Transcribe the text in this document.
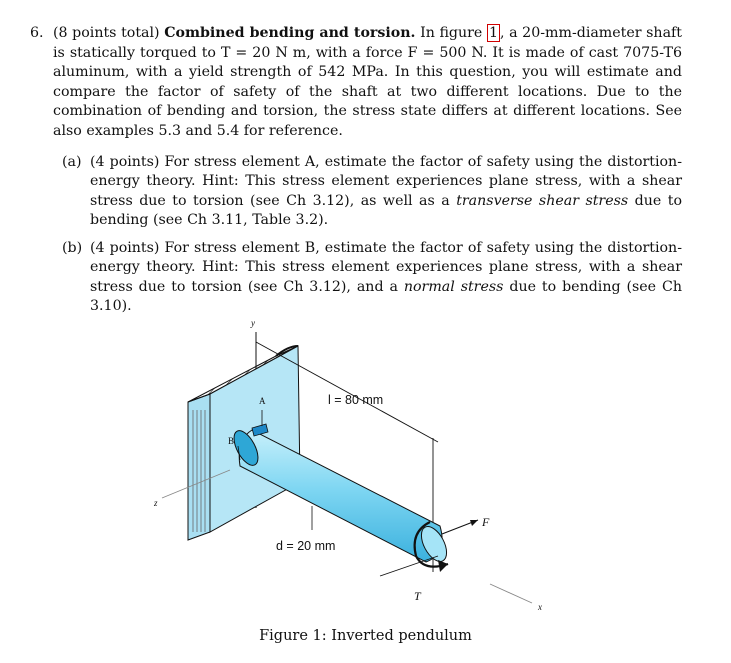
6. (8 points total) Combined bending and torsion. In figure 1 , a 20-mm-diameter shaft is statically torqued to T = 20 N m, with a force F = 500 N. It is made of cast 7075-T6 aluminum, with a yield strength of 542 MPa. In this question, you will estimate and compare the factor of safety of the shaft at two different locations. Due to the combination of bending and torsion, the stress state differs at different locations. See also examples 5.3 and 5.4 for reference.
(a) (4 points) For stress element A, estimate the factor of safety using the distortion-energy theory. Hint: This stress element experiences plane stress, with a shear stress due to torsion (see Ch 3.12), as well as a transverse shear stress due to bending (see Ch 3.11, Table 3.2).
(b) (4 points) For stress element B, estimate the factor of safety using the distortion-energy theory. Hint: This stress element experiences plane stress, with a shear stress due to torsion (see Ch 3.12), and a normal stress due to bending (see Ch 3.10).
y
A
B
l = 80 mm
z
d = 20 mm
F
T
x
Figure 1: Inverted pendulum
